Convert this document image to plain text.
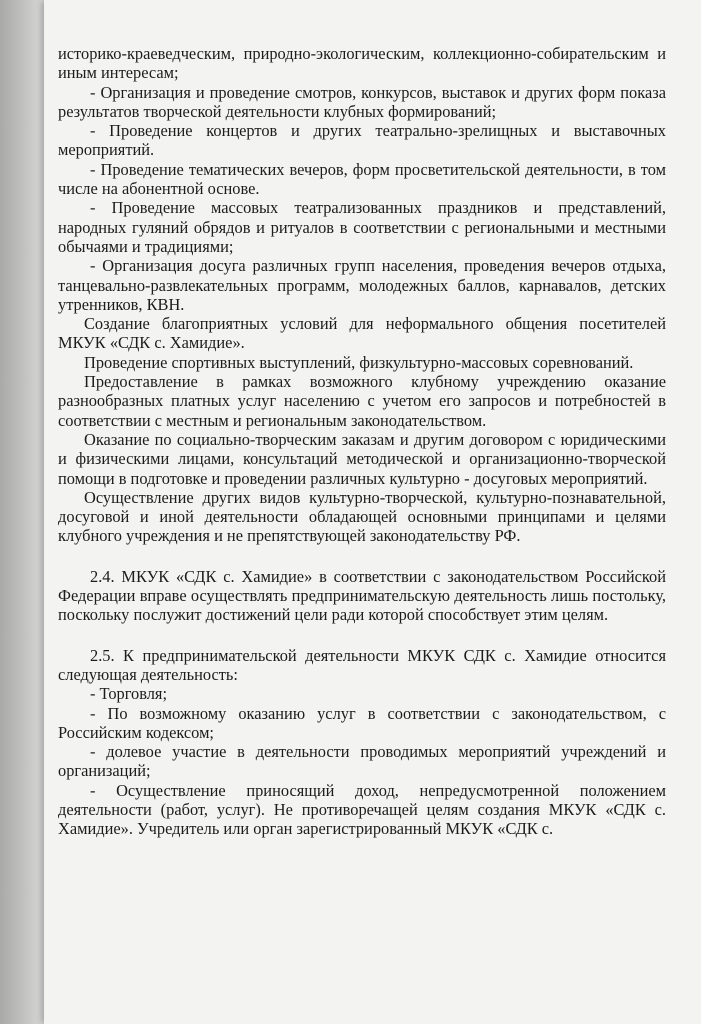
историко-краеведческим, природно-экологическим, коллекционно-собирательским и иным интересам;

- Организация и проведение смотров, конкурсов, выставок и других форм показа результатов творческой деятельности клубных формирований;

- Проведение концертов и других театрально-зрелищных и выставочных мероприятий.

- Проведение тематических вечеров, форм просветительской деятельности, в том числе на абонентной основе.

- Проведение массовых театрализованных праздников и представлений, народных гуляний обрядов и ритуалов в соответствии с региональными и местными обычаями и традициями;

- Организация досуга различных групп населения, проведения вечеров отдыха, танцевально-развлекательных программ, молодежных баллов, карнавалов, детских утренников, КВН.

Создание благоприятных условий для неформального общения посетителей МКУК «СДК с. Хамидие».

Проведение спортивных выступлений, физкультурно-массовых соревнований.

Предоставление в рамках возможного клубному учреждению оказание разнообразных платных услуг населению с учетом его запросов и потребностей в соответствии с местным и региональным законодательством.

Оказание по социально-творческим заказам и другим договором с юридическими и физическими лицами, консультаций методической и организационно-творческой помощи в подготовке и проведении различных культурно - досуговых мероприятий.

Осуществление других видов культурно-творческой, культурно-познавательной, досуговой и иной деятельности обладающей основными принципами и целями клубного учреждения и не препятствующей законодательству РФ.

2.4. МКУК «СДК с. Хамидие» в соответствии с законодательством Российской Федерации вправе осуществлять предпринимательскую деятельность лишь постольку, поскольку послужит достижений цели ради которой способствует этим целям.

2.5. К предпринимательской деятельности МКУК СДК с. Хамидие относится следующая деятельность:

- Торговля;

- По возможному оказанию услуг в соответствии с законодательством, с Российским кодексом;

- долевое участие в деятельности проводимых мероприятий учреждений и организаций;

- Осуществление приносящий доход, непредусмотренной положением деятельности (работ, услуг). Не противоречащей целям создания МКУК «СДК с. Хамидие». Учредитель или орган зарегистрированный МКУК «СДК с.
